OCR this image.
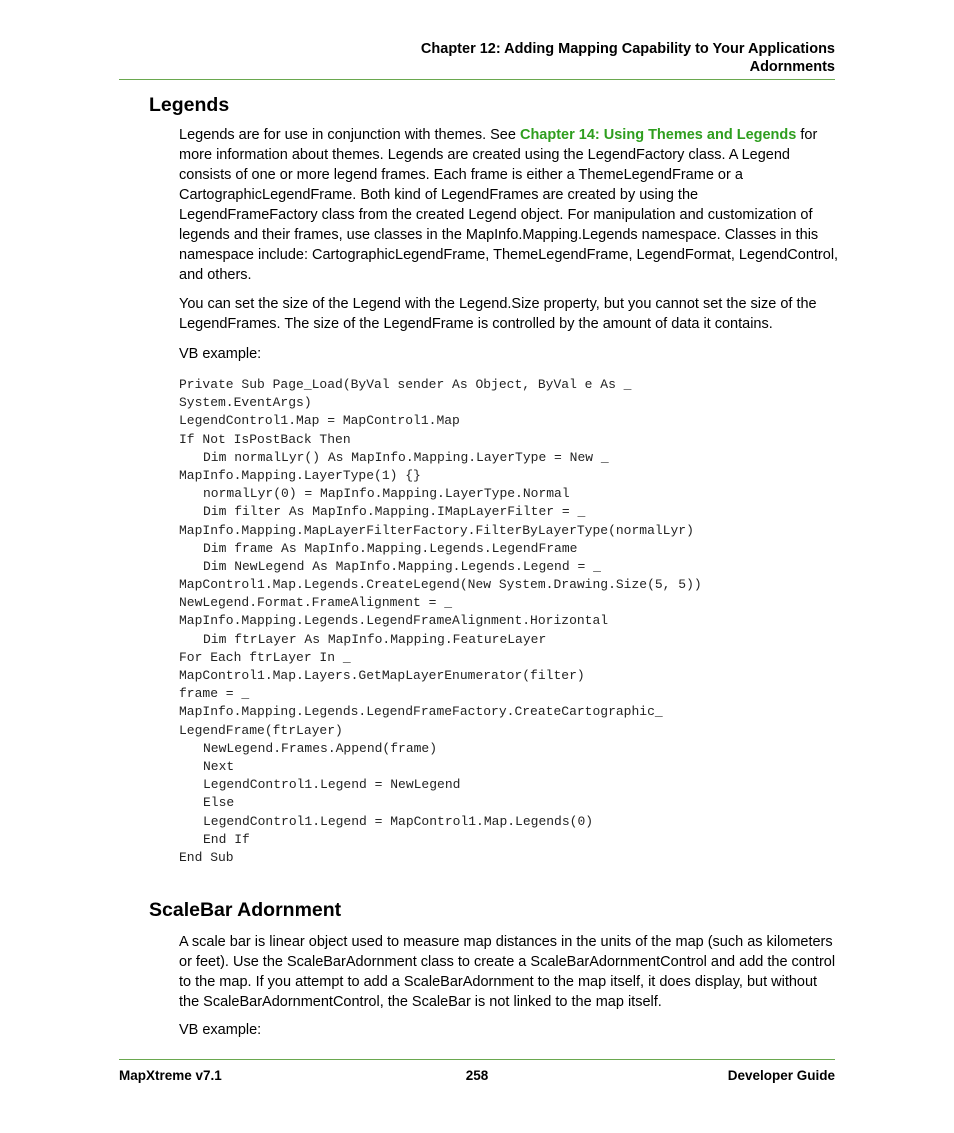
Chapter 12: Adding Mapping Capability to Your Applications
Adornments
Legends

Legends are for use in conjunction with themes. See Chapter 14: Using Themes and Legends for more information about themes. Legends are created using the LegendFactory class. A Legend consists of one or more legend frames. Each frame is either a ThemeLegendFrame or a CartographicLegendFrame. Both kind of LegendFrames are created by using the LegendFrameFactory class from the created Legend object. For manipulation and customization of legends and their frames, use classes in the MapInfo.Mapping.Legends namespace. Classes in this namespace include: CartographicLegendFrame, ThemeLegendFrame, LegendFormat, LegendControl, and others.

You can set the size of the Legend with the Legend.Size property, but you cannot set the size of the LegendFrames. The size of the LegendFrame is controlled by the amount of data it contains.

VB example:

Private Sub Page_Load(ByVal sender As Object, ByVal e As _
System.EventArgs)
LegendControl1.Map = MapControl1.Map
If Not IsPostBack Then
Dim normalLyr() As MapInfo.Mapping.LayerType = New _
MapInfo.Mapping.LayerType(1) {}
normalLyr(0) = MapInfo.Mapping.LayerType.Normal
Dim filter As MapInfo.Mapping.IMapLayerFilter = _
MapInfo.Mapping.MapLayerFilterFactory.FilterByLayerType(normalLyr)
Dim frame As MapInfo.Mapping.Legends.LegendFrame
Dim NewLegend As MapInfo.Mapping.Legends.Legend = _
MapControl1.Map.Legends.CreateLegend(New System.Drawing.Size(5, 5))
NewLegend.Format.FrameAlignment = _
MapInfo.Mapping.Legends.LegendFrameAlignment.Horizontal
Dim ftrLayer As MapInfo.Mapping.FeatureLayer
For Each ftrLayer In _
MapControl1.Map.Layers.GetMapLayerEnumerator(filter)
frame = _
MapInfo.Mapping.Legends.LegendFrameFactory.CreateCartographic_
LegendFrame(ftrLayer)
NewLegend.Frames.Append(frame)
Next
LegendControl1.Legend = NewLegend
Else
LegendControl1.Legend = MapControl1.Map.Legends(0)
End If
End Sub
ScaleBar Adornment

A scale bar is linear object used to measure map distances in the units of the map (such as kilometers or feet). Use the ScaleBarAdornment class to create a ScaleBarAdornmentControl and add the control to the map. If you attempt to add a ScaleBarAdornment to the map itself, it does display, but without the ScaleBarAdornmentControl, the ScaleBar is not linked to the map itself.

VB example:

MapXtreme v7.1	258	Developer Guide
